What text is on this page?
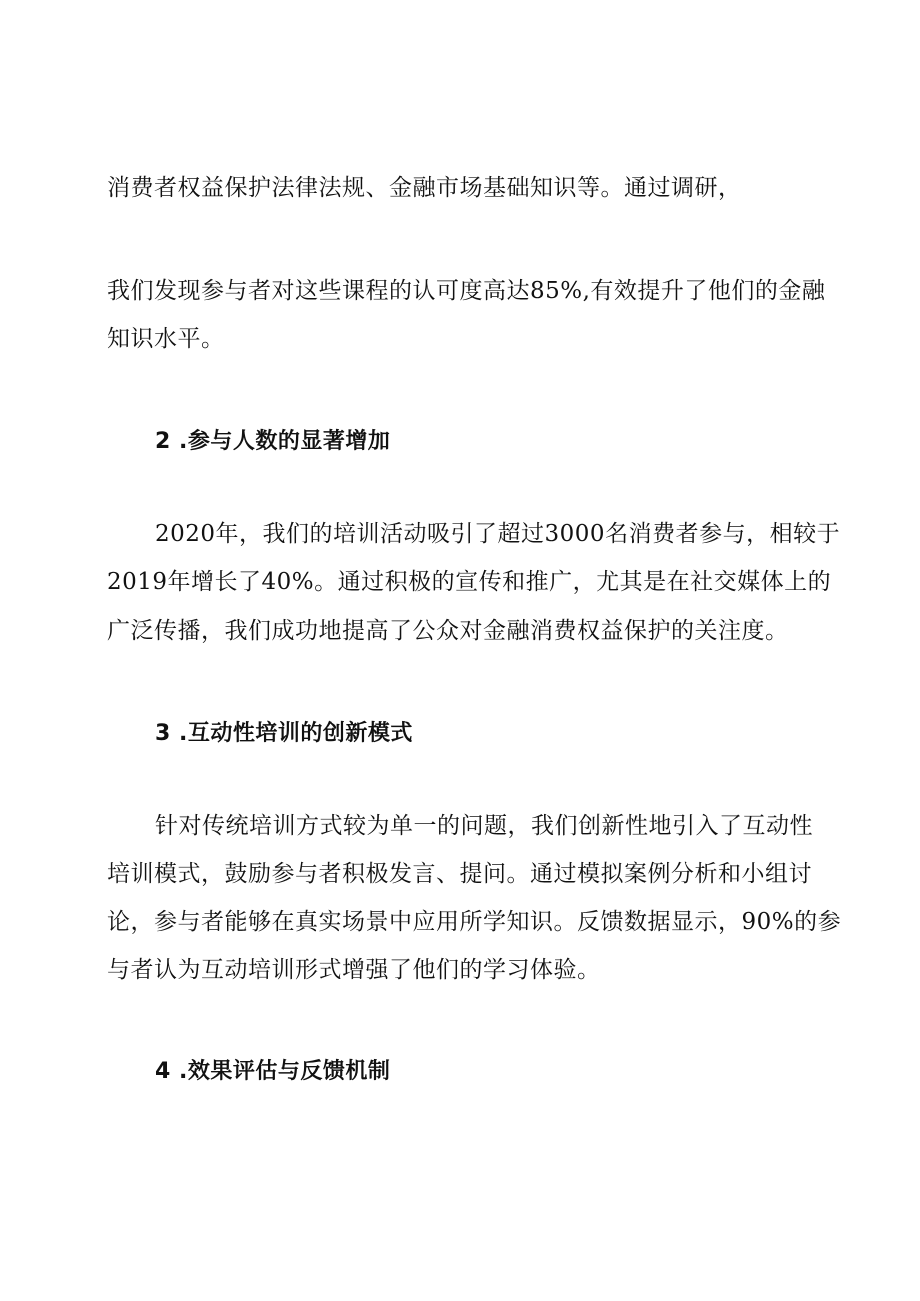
消费者权益保护法律法规、金融市场基础知识等。通过调研，
我们发现参与者对这些课程的认可度高达85%,有效提升了他们的金融
知识水平。
2 .参与人数的显著增加
2020年，我们的培训活动吸引了超过3000名消费者参与，相较于
2019年增长了40%。通过积极的宣传和推广，尤其是在社交媒体上的
广泛传播，我们成功地提高了公众对金融消费权益保护的关注度。
3 .互动性培训的创新模式
针对传统培训方式较为单一的问题，我们创新性地引入了互动性
培训模式，鼓励参与者积极发言、提问。通过模拟案例分析和小组讨
论，参与者能够在真实场景中应用所学知识。反馈数据显示，90%的参
与者认为互动培训形式增强了他们的学习体验。
4 .效果评估与反馈机制
